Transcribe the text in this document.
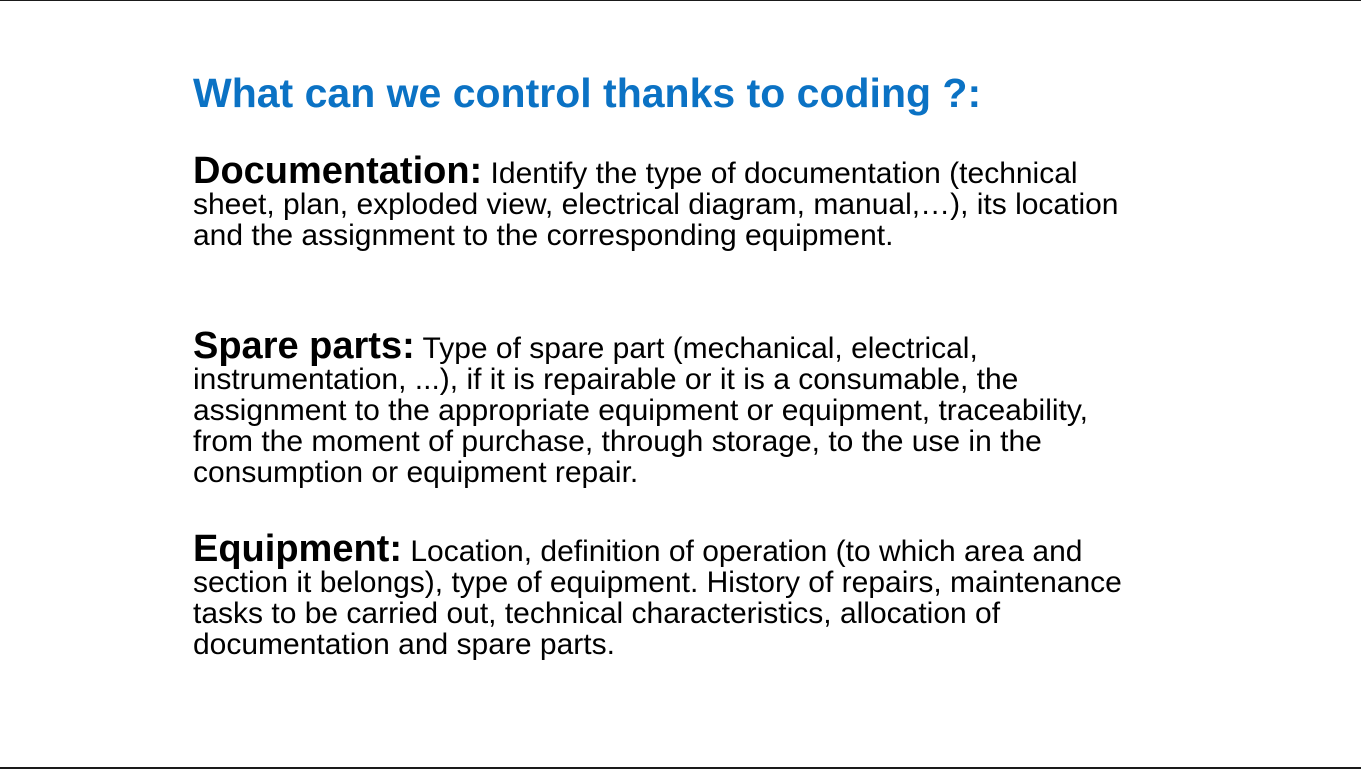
What can we control thanks to coding ?:

Documentation: Identify the type of documentation (technical sheet, plan, exploded view, electrical diagram, manual,…), its location and the assignment to the corresponding equipment.

Spare parts: Type of spare part (mechanical, electrical, instrumentation, ...), if it is repairable or it is a consumable, the assignment to the appropriate equipment or equipment, traceability, from the moment of purchase, through storage, to the use in the consumption or equipment repair.

Equipment: Location, definition of operation (to which area and section it belongs), type of equipment. History of repairs, maintenance tasks to be carried out, technical characteristics, allocation of documentation and spare parts.
